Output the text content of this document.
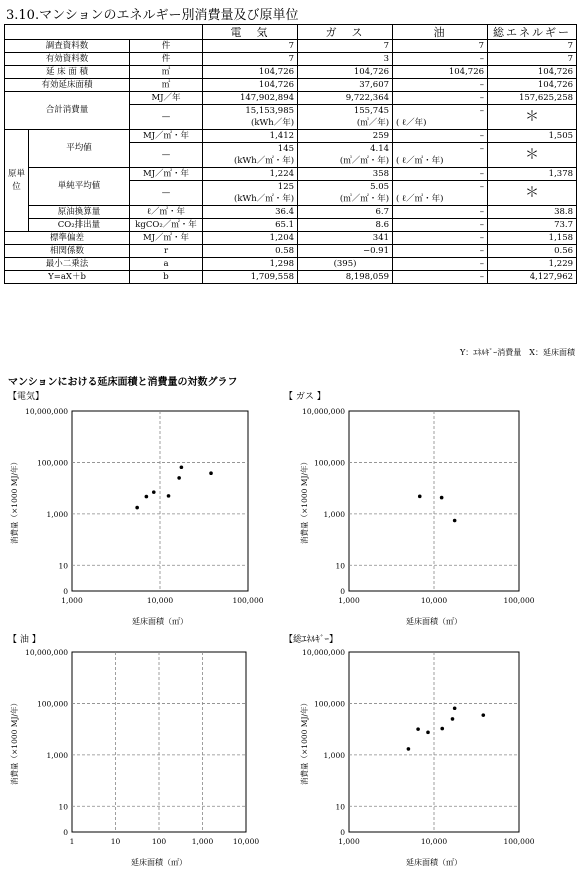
3.10.マンションのエネルギー別消費量及び原単位
			電　気	ガ　ス	油	総エネルギー
調査資料数		件	7	7	7	7
有効資料数		件	7	3	–	7
延 床 面 積		㎡	104,726	104,726	104,726	104,726
有効延床面積		㎡	104,726	37,607	–	104,726
合計消費量		MJ／年	147,902,894	9,722,364	–	157,625,258
		—	15,153,985	155,745	–	＊
			(kWh／年)	(㎥／年)	( ℓ／年)	
原単位	平均値	MJ／㎡・年	1,412	259	–	1,505
		—	145	4.14	–	＊
			(kWh／㎡・年)	(㎥／㎡・年)	( ℓ／㎡・年)	
	単純平均値	MJ／㎡・年	1,224	358	–	1,378
		—	125	5.05	–	＊
			(kWh／㎡・年)	(㎥／㎡・年)	( ℓ／㎡・年)	
	原油換算量	ℓ／㎡・年	36.4	6.7	–	38.8
	CO₂排出量	kgCO₂／㎡・年	65.1	8.6	–	73.7
標準偏差		MJ／㎡・年	1,204	341	–	1,158
相関係数		r	0.58	−0.91	–	0.56
最小二乗法		a	1,298	(395)	–	1,229
Y=aX＋b		b	1,709,558	8,198,059	–	4,127,962
Y：ｴﾈﾙｷﾞｰ消費量　X：延床面積
マンションにおける延床面積と消費量の対数グラフ
【電気】	【 ガス 】
【 油 】	【総ｴﾈﾙｷﾞｰ】
1,000	10,000	100,000
0
10
1,000
100,000
10,000,000
延床面積（㎡）
消費量（×1000 MJ/年）
1,000	10,000	100,000
0
10
1,000
100,000
10,000,000
延床面積（㎡）
消費量（×1000 MJ/年）
1	10	100	1,000	10,000
0
10
1,000
100,000
10,000,000
延床面積（㎡）
消費量（×1000 MJ/年）
1,000	10,000	100,000
0
10
1,000
100,000
10,000,000
延床面積（㎡）
消費量（×1000 MJ/年）
